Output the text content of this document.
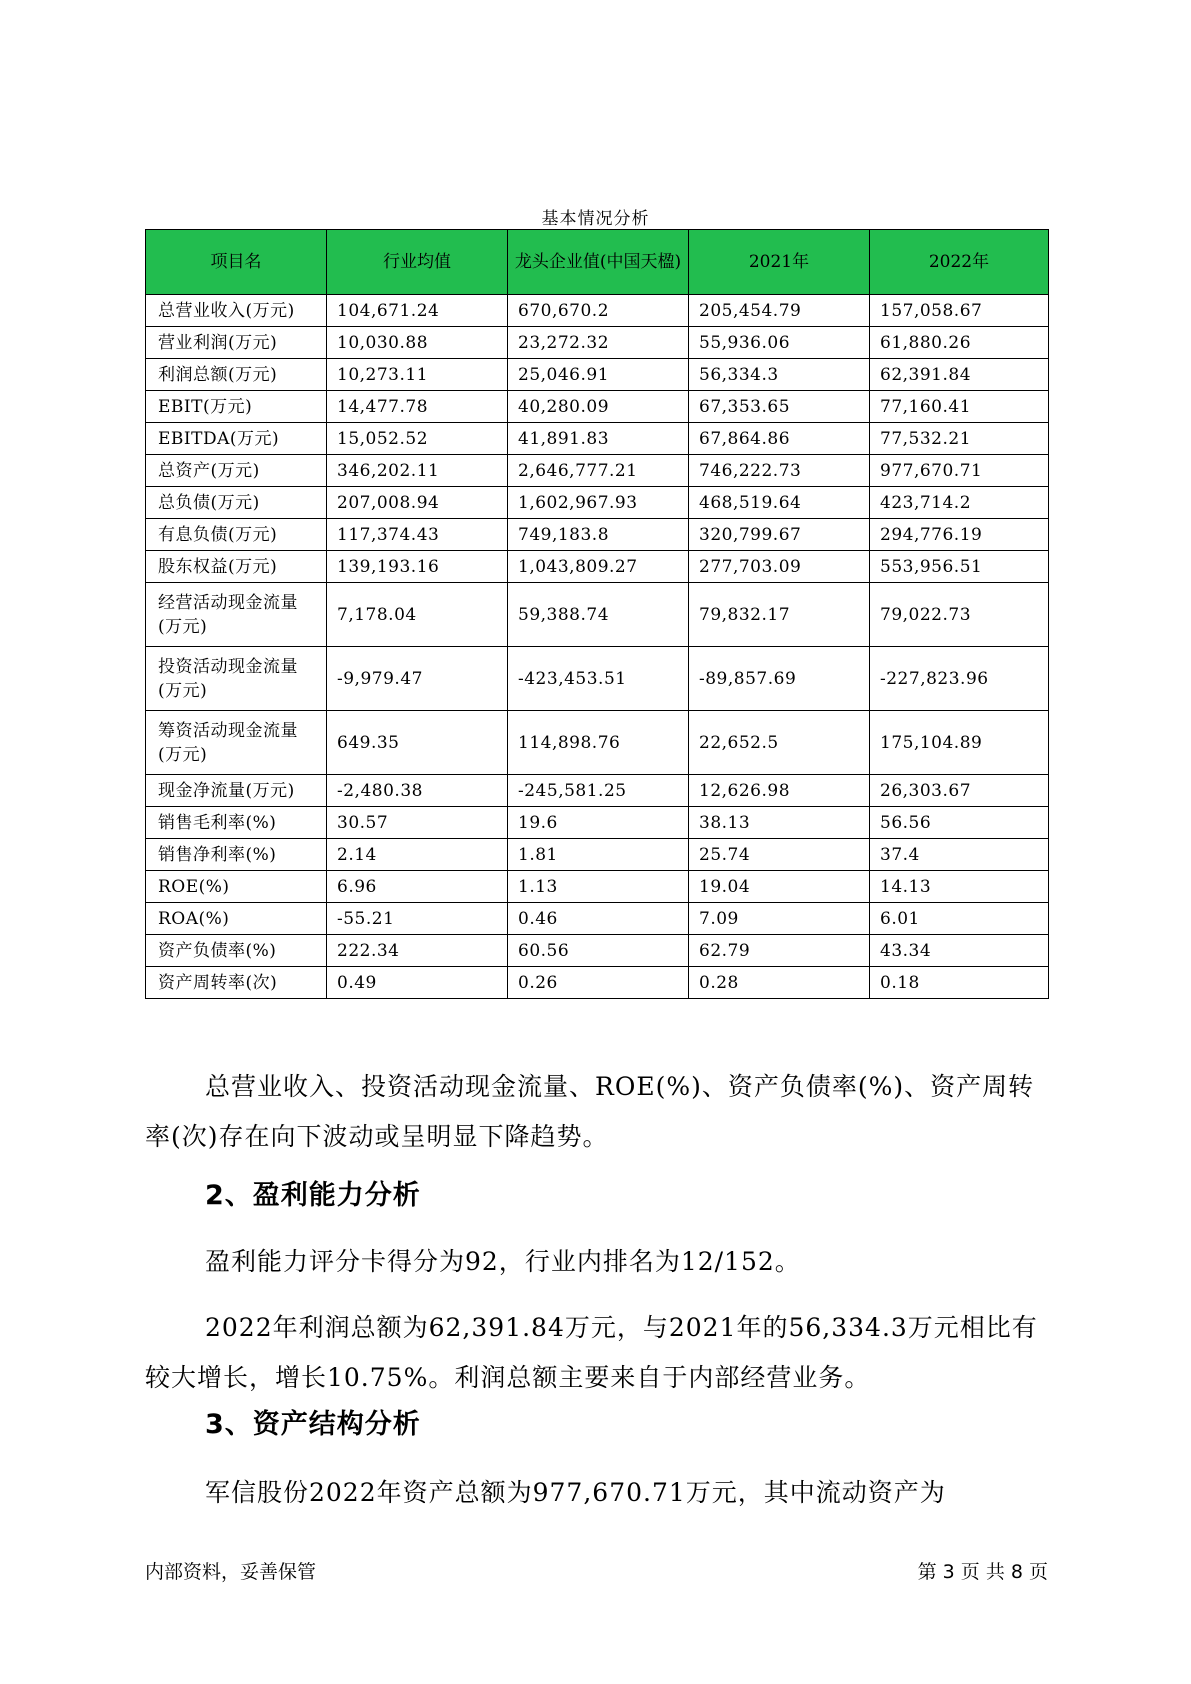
基本情况分析
项目名	行业均值	龙头企业值(中国天楹)	2021年	2022年
总营业收入(万元)	104,671.24	670,670.2	205,454.79	157,058.67
营业利润(万元)	10,030.88	23,272.32	55,936.06	61,880.26
利润总额(万元)	10,273.11	25,046.91	56,334.3	62,391.84
EBIT(万元)	14,477.78	40,280.09	67,353.65	77,160.41
EBITDA(万元)	15,052.52	41,891.83	67,864.86	77,532.21
总资产(万元)	346,202.11	2,646,777.21	746,222.73	977,670.71
总负债(万元)	207,008.94	1,602,967.93	468,519.64	423,714.2
有息负债(万元)	117,374.43	749,183.8	320,799.67	294,776.19
股东权益(万元)	139,193.16	1,043,809.27	277,703.09	553,956.51
经营活动现金流量(万元)	7,178.04	59,388.74	79,832.17	79,022.73
投资活动现金流量(万元)	-9,979.47	-423,453.51	-89,857.69	-227,823.96
筹资活动现金流量(万元)	649.35	114,898.76	22,652.5	175,104.89
现金净流量(万元)	-2,480.38	-245,581.25	12,626.98	26,303.67
销售毛利率(%)	30.57	19.6	38.13	56.56
销售净利率(%)	2.14	1.81	25.74	37.4
ROE(%)	6.96	1.13	19.04	14.13
ROA(%)	-55.21	0.46	7.09	6.01
资产负债率(%)	222.34	60.56	62.79	43.34
资产周转率(次)	0.49	0.26	0.28	0.18

总营业收入、投资活动现金流量、ROE(%)、资产负债率(%)、资产周转率(次)存在向下波动或呈明显下降趋势。

2、盈利能力分析

盈利能力评分卡得分为92，行业内排名为12/152。

2022年利润总额为62,391.84万元，与2021年的56,334.3万元相比有较大增长，增长10.75%。利润总额主要来自于内部经营业务。

3、资产结构分析

军信股份2022年资产总额为977,670.71万元，其中流动资产为

内部资料，妥善保管	第 3 页 共 8 页
